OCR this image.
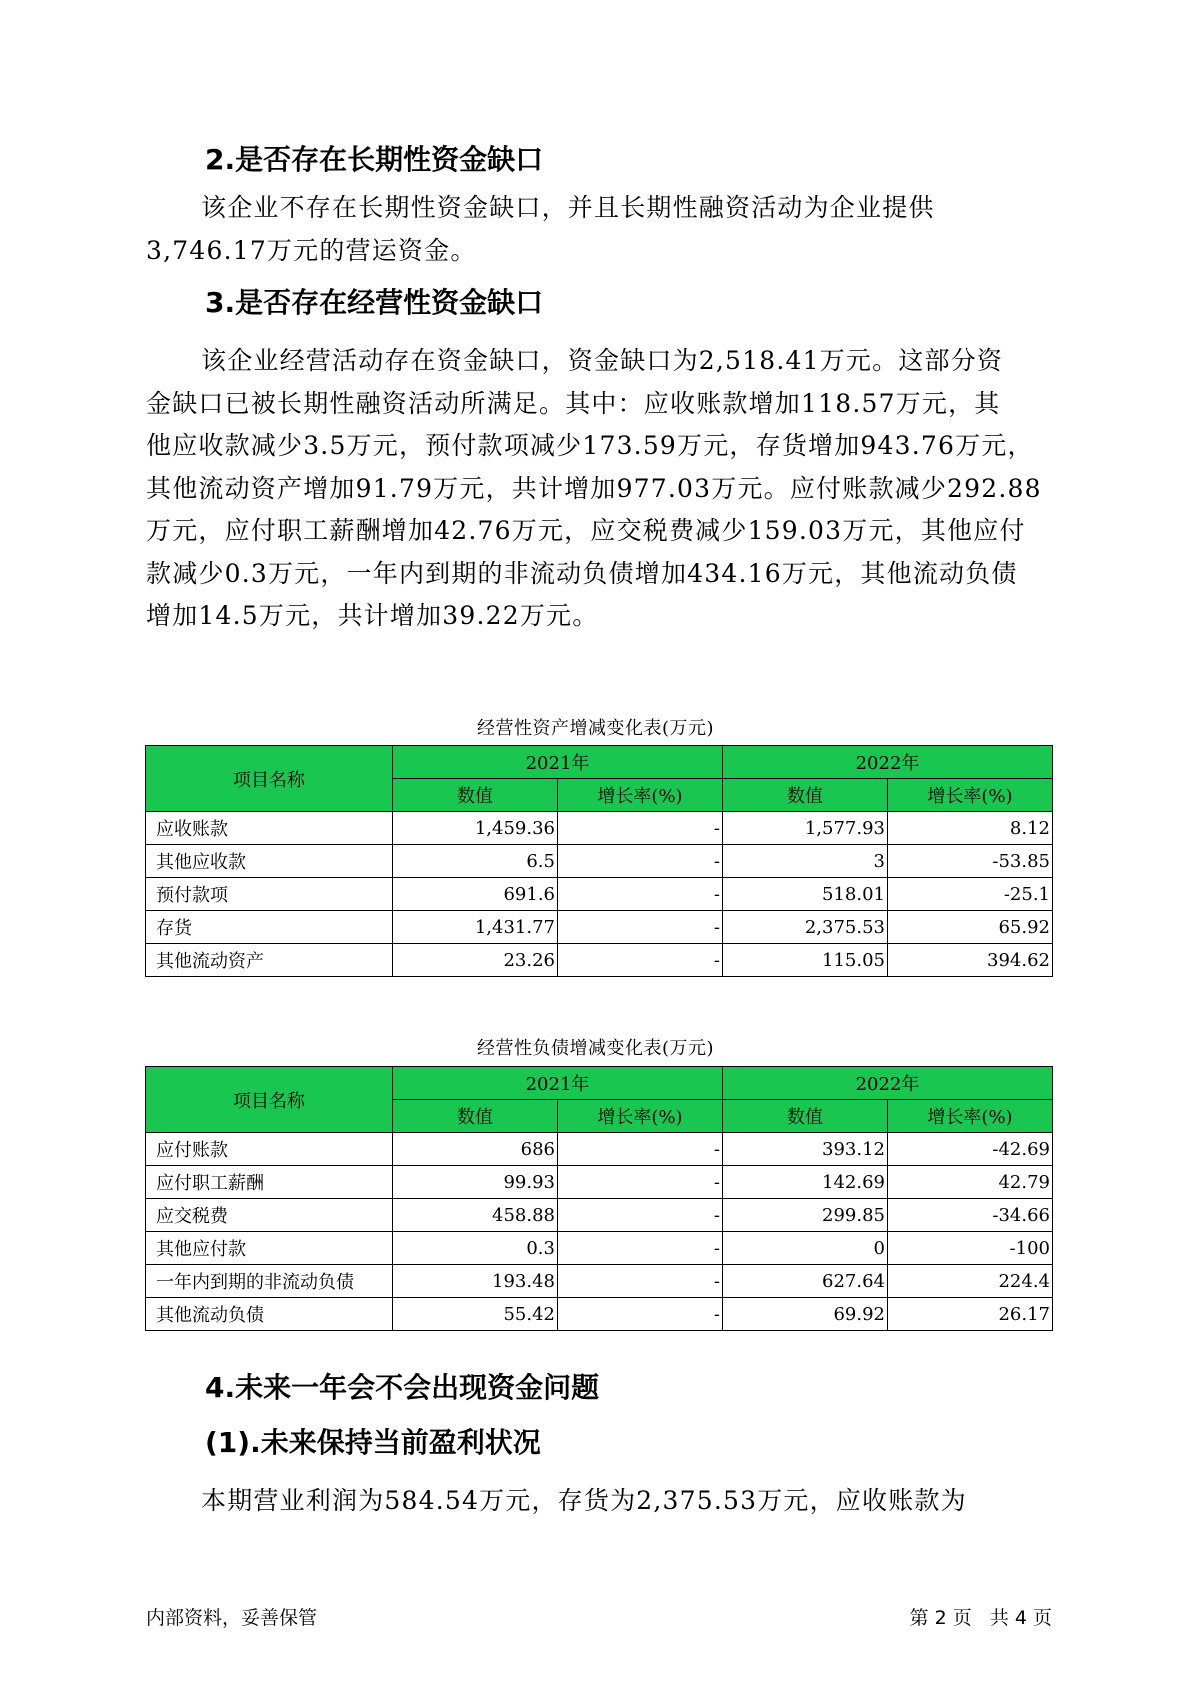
2.是否存在长期性资金缺口
该企业不存在长期性资金缺口，并且长期性融资活动为企业提供
3,746.17万元的营运资金。
3.是否存在经营性资金缺口
该企业经营活动存在资金缺口，资金缺口为2,518.41万元。这部分资
金缺口已被长期性融资活动所满足。其中：应收账款增加118.57万元，其
他应收款减少3.5万元，预付款项减少173.59万元，存货增加943.76万元，
其他流动资产增加91.79万元，共计增加977.03万元。应付账款减少292.88
万元，应付职工薪酬增加42.76万元，应交税费减少159.03万元，其他应付
款减少0.3万元，一年内到期的非流动负债增加434.16万元，其他流动负债
增加14.5万元，共计增加39.22万元。
经营性资产增减变化表(万元)
项目名称	2021年		2022年	
	数值	增长率(%)	数值	增长率(%)
应收账款	1,459.36	-	1,577.93	8.12
其他应收款	6.5	-	3	-53.85
预付款项	691.6	-	518.01	-25.1
存货	1,431.77	-	2,375.53	65.92
其他流动资产	23.26	-	115.05	394.62
经营性负债增减变化表(万元)
项目名称	2021年		2022年	
	数值	增长率(%)	数值	增长率(%)
应付账款	686	-	393.12	-42.69
应付职工薪酬	99.93	-	142.69	42.79
应交税费	458.88	-	299.85	-34.66
其他应付款	0.3	-	0	-100
一年内到期的非流动负债	193.48	-	627.64	224.4
其他流动负债	55.42	-	69.92	26.17
4.未来一年会不会出现资金问题
(1).未来保持当前盈利状况
本期营业利润为584.54万元，存货为2,375.53万元，应收账款为
内部资料，妥善保管	第 2 页   共 4 页
